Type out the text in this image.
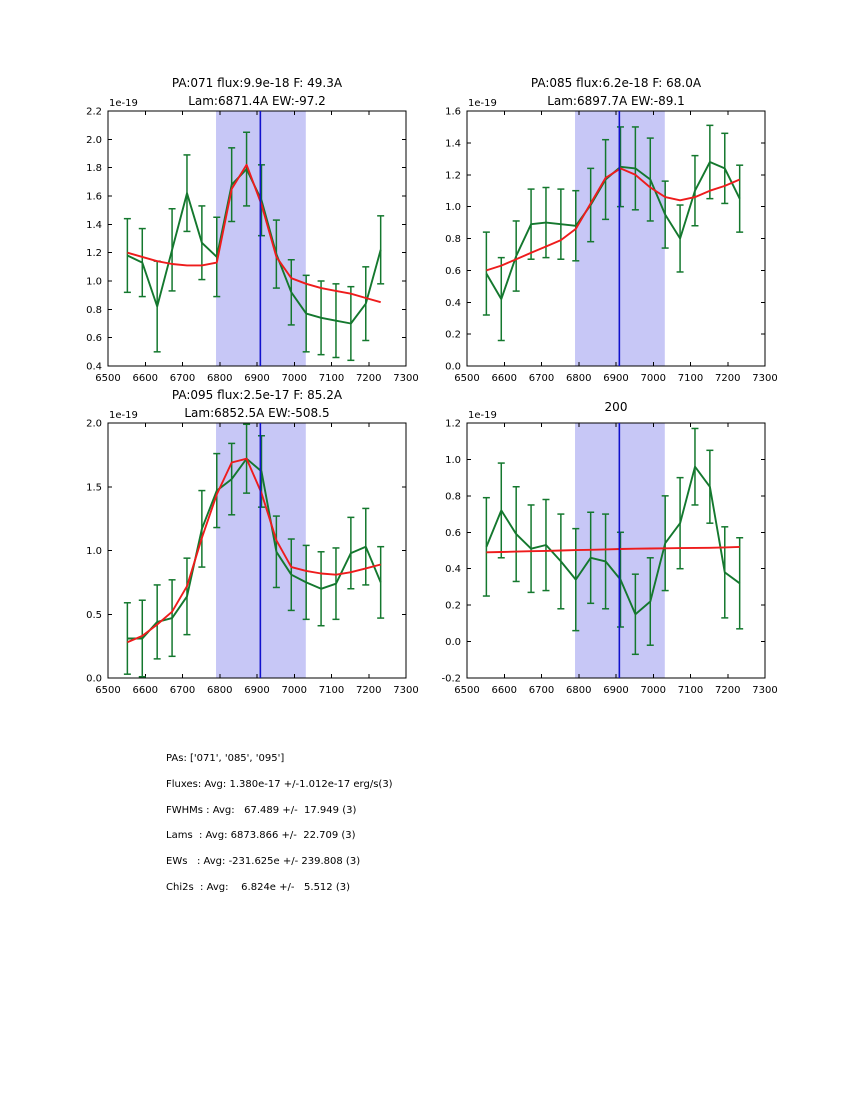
6500 6600 6700 6800 6900 7000 7100 7200 7300
0.4
0.6
0.8
1.0
1.2
1.4
1.6
1.8
2.0
2.2
1e-19
PA:071 flux:9.9e-18 F: 49.3A
Lam:6871.4A EW:-97.2
6500 6600 6700 6800 6900 7000 7100 7200 7300
0.0
0.2
0.4
0.6
0.8
1.0
1.2
1.4
1.6
1e-19
PA:085 flux:6.2e-18 F: 68.0A
Lam:6897.7A EW:-89.1
6500 6600 6700 6800 6900 7000 7100 7200 7300
0.0
0.5
1.0
1.5
2.0
1e-19
PA:095 flux:2.5e-17 F: 85.2A
Lam:6852.5A EW:-508.5
6500 6600 6700 6800 6900 7000 7100 7200 7300
-0.2
0.0
0.2
0.4
0.6
0.8
1.0
1.2
1e-19
200
PAs: ['071', '085', '095']
Fluxes: Avg: 1.380e-17 +/-1.012e-17 erg/s(3)
FWHMs : Avg:   67.489 +/-  17.949 (3)
Lams  : Avg: 6873.866 +/-  22.709 (3)
EWs   : Avg: -231.625e +/- 239.808 (3)
Chi2s  : Avg:    6.824e +/-   5.512 (3)
